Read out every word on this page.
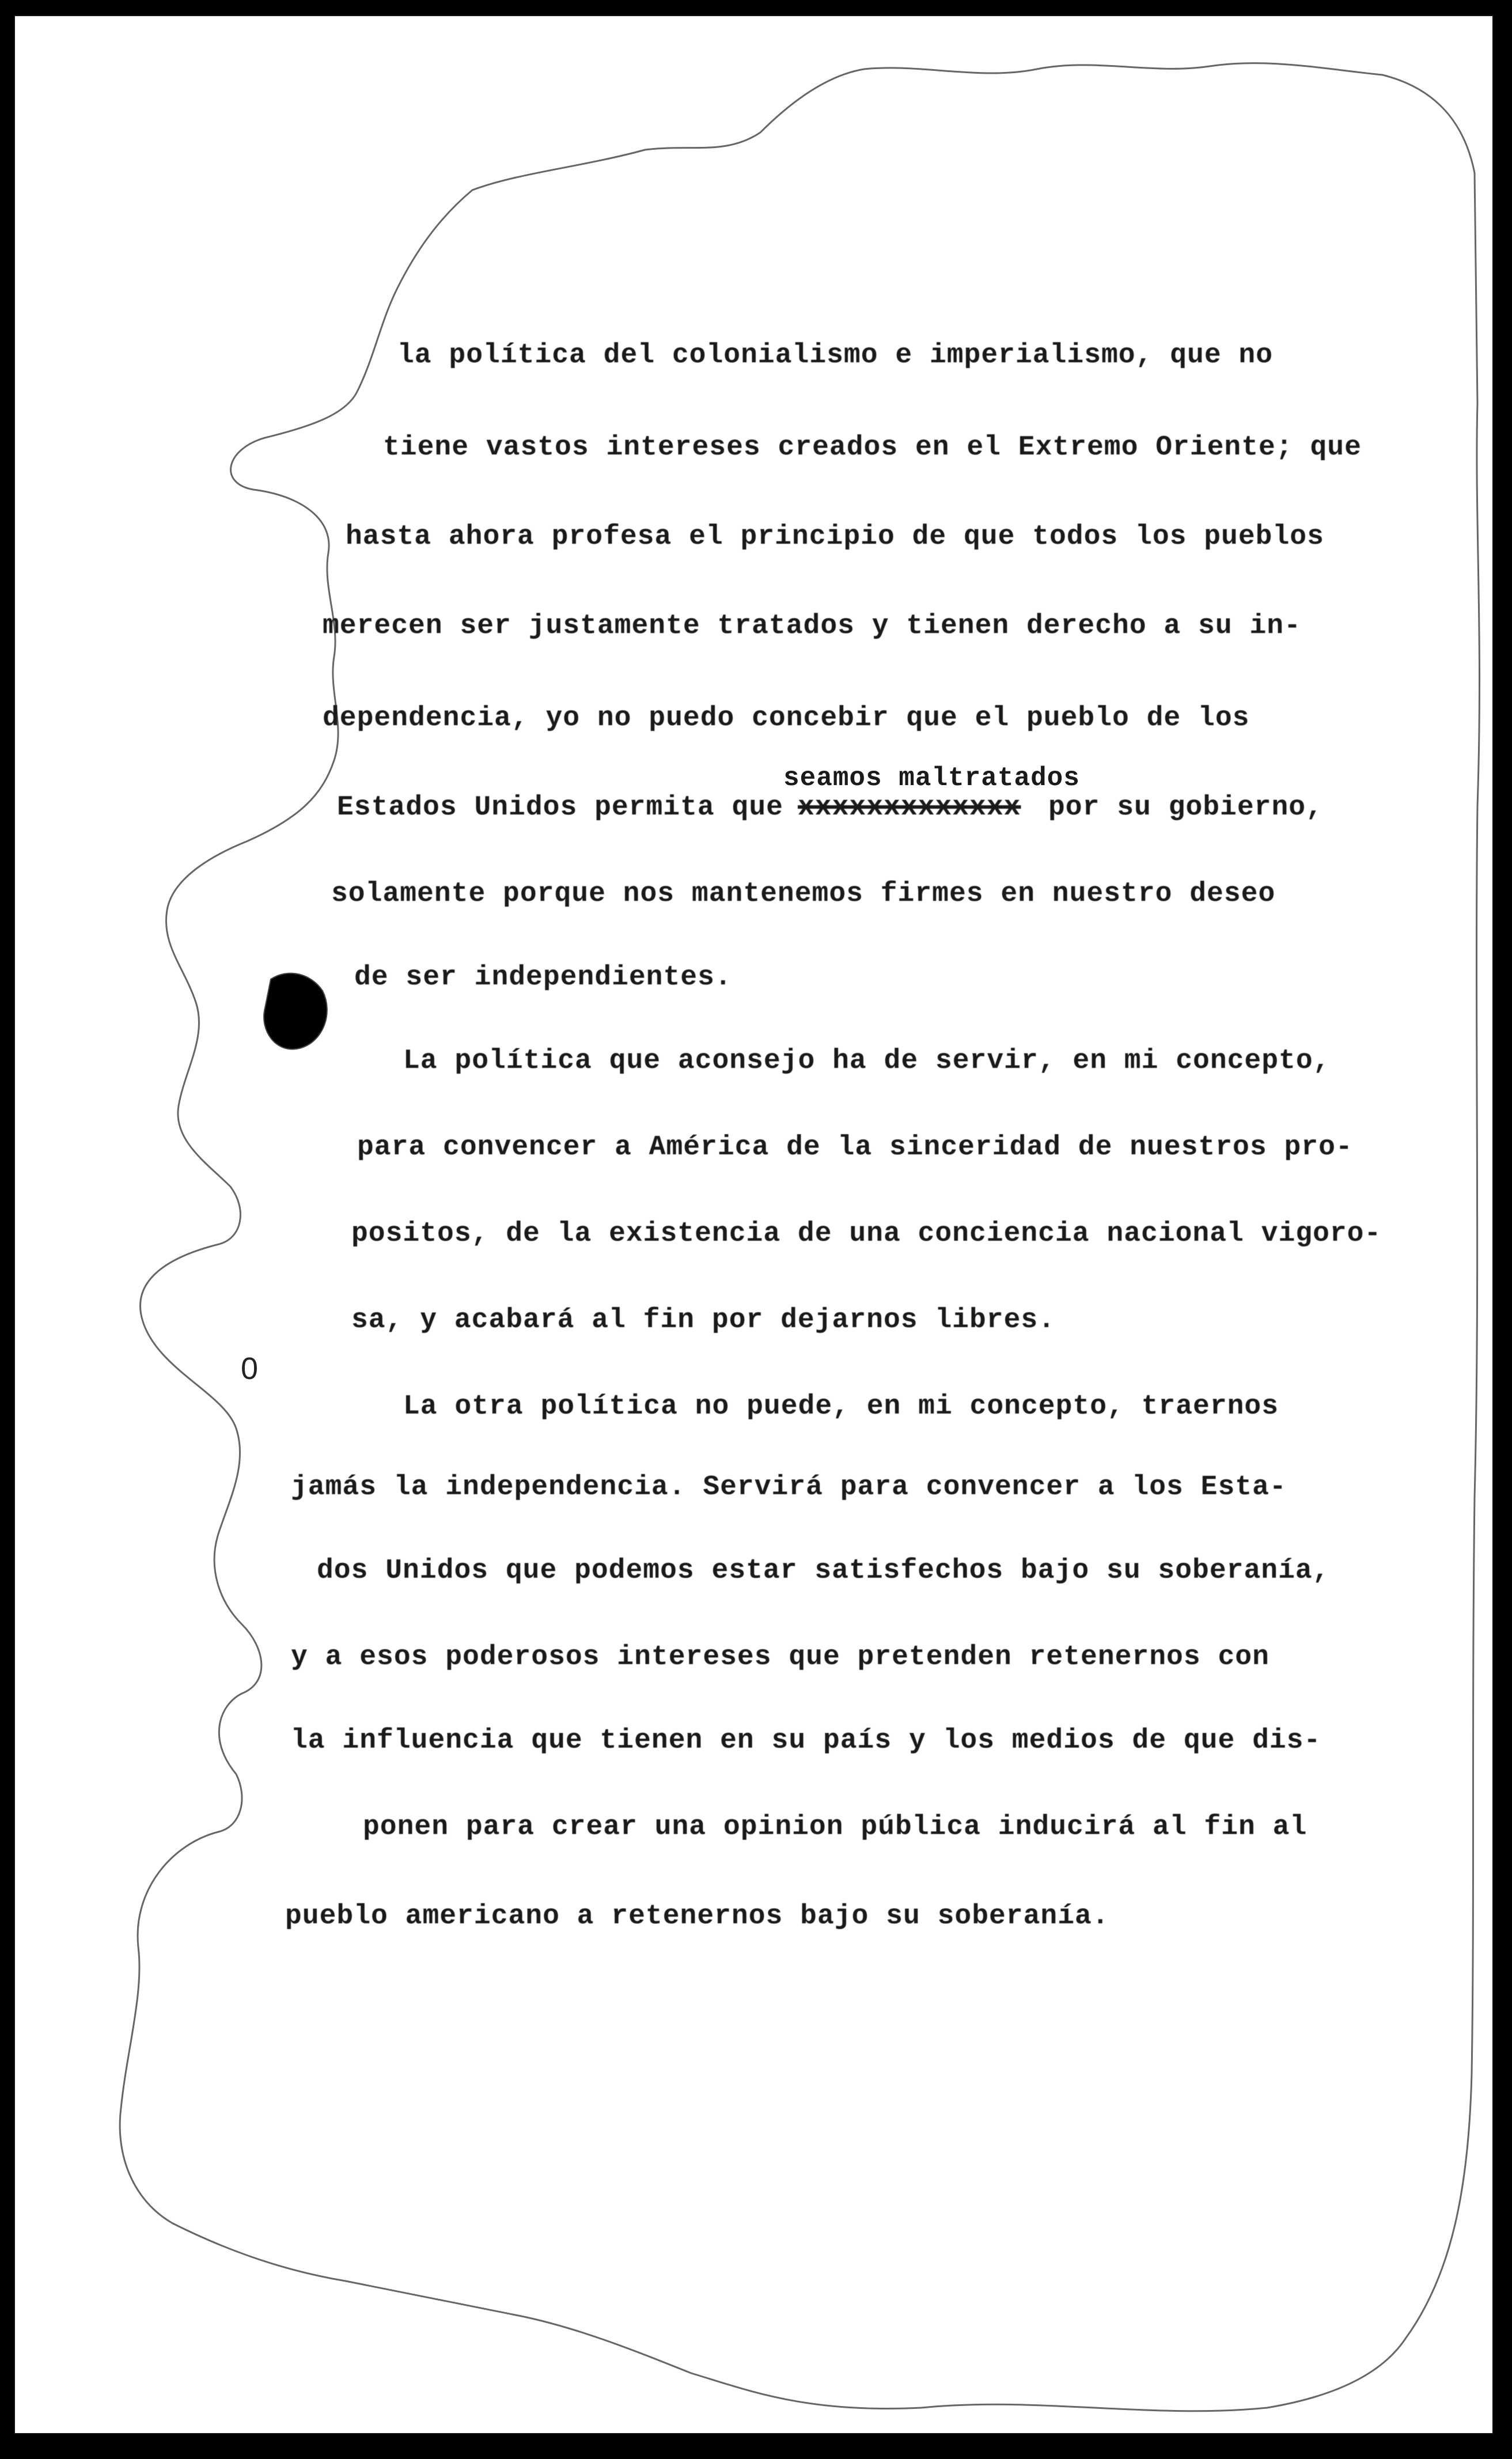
la política del colonialismo e imperialismo, que no

tiene vastos intereses creados en el Extremo Oriente; que

hasta ahora profesa el principio de que todos los pueblos

merecen ser justamente tratados y tienen derecho a su in-

dependencia, yo no puedo concebir que el pueblo de los

seamos maltratados

Estados Unidos permita que xxxxxxxxxxxxx por su gobierno,

solamente porque nos mantenemos firmes en nuestro deseo

de ser independientes.

La política que aconsejo ha de servir, en mi concepto,

para convencer a América de la sinceridad de nuestros pro-

positos, de la existencia de una conciencia nacional vigoro-

sa, y acabará al fin por dejarnos libres.

0

La otra política no puede, en mi concepto, traernos

jamás la independencia. Servirá para convencer a los Esta-

dos Unidos que podemos estar satisfechos bajo su soberanía,

y a esos poderosos intereses que pretenden retenernos con

la influencia que tienen en su país y los medios de que dis-

ponen para crear una opinion pública inducirá al fin al

pueblo americano a retenernos bajo su soberanía.
